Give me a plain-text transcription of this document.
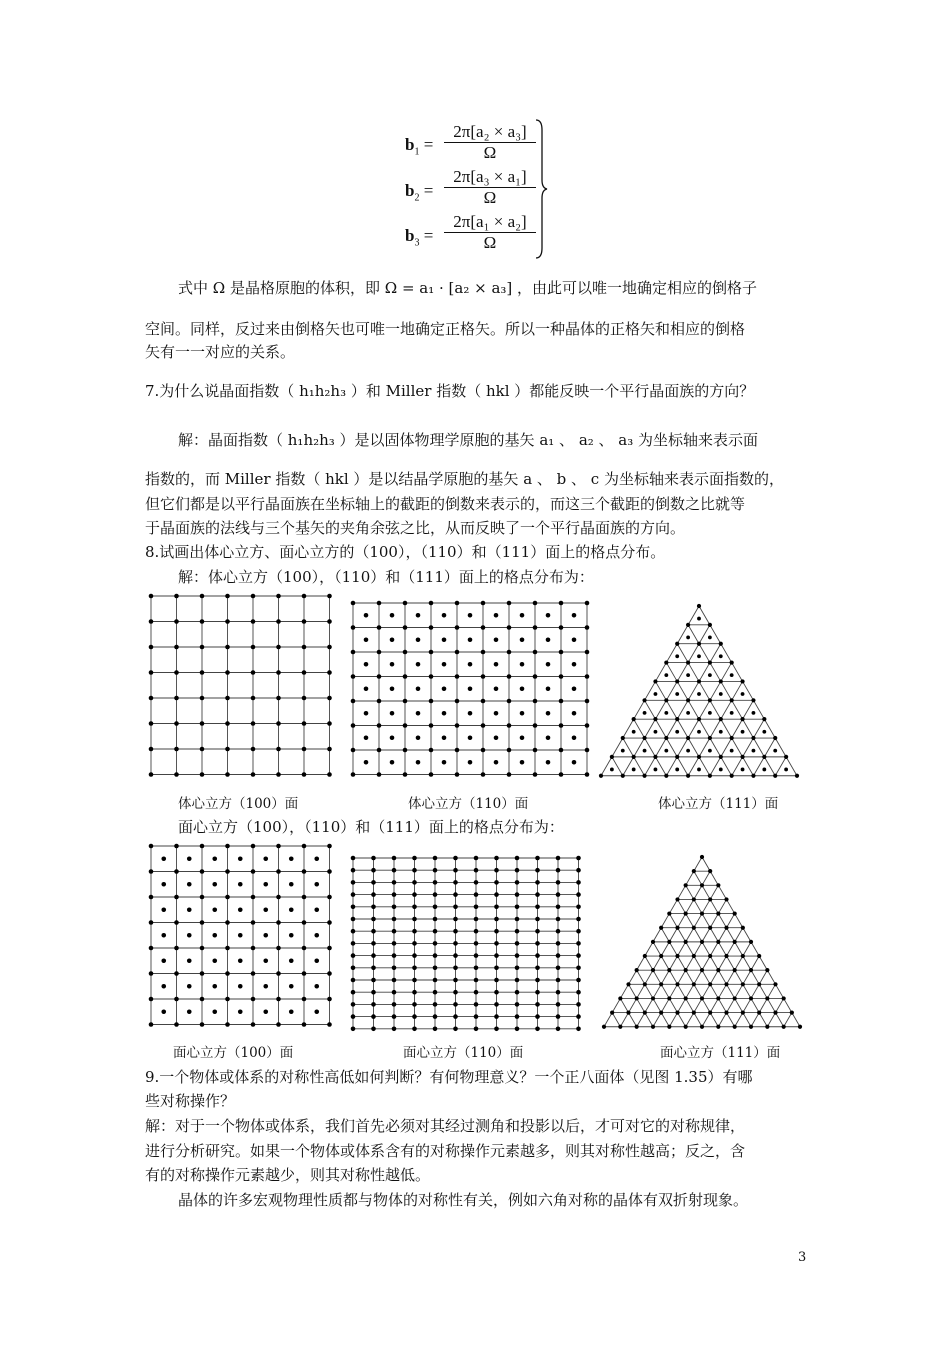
$b_1 = \frac{\text{2π[a₂ × a₃]}}{\Omega}$
$b_2 = \frac{\text{2π[a₃ × a₁]}}{\Omega}$
$b_3 = \frac{\text{2π[a₁ × a₂]}}{\Omega}$
式中 Ω 是晶格原胞的体积，即 Ω = a₁ · [a₂ × a₃] ，由此可以唯一地确定相应的倒格子
空间。同样，反过来由倒格矢也可唯一地确定正格矢。所以一种晶体的正格矢和相应的倒格
矢有一一对应的关系。
7.为什么说晶面指数（ h₁h₂h₃ ）和 Miller 指数（ hkl ）都能反映一个平行晶面族的方向？
解：晶面指数（ h₁h₂h₃ ）是以固体物理学原胞的基矢 a₁ 、 a₂ 、 a₃ 为坐标轴来表示面
指数的，而 Miller 指数（ hkl ）是以结晶学原胞的基矢 a 、 b 、 c 为坐标轴来表示面指数的，
但它们都是以平行晶面族在坐标轴上的截距的倒数来表示的，而这三个截距的倒数之比就等
于晶面族的法线与三个基矢的夹角余弦之比，从而反映了一个平行晶面族的方向。
8.试画出体心立方、面心立方的（100），（110）和（111）面上的格点分布。
解：体心立方（100），（110）和（111）面上的格点分布为：
体心立方（100）面	体心立方（110）面	体心立方（111）面
面心立方（100），（110）和（111）面上的格点分布为：
面心立方（100）面	面心立方（110）面	面心立方（111）面
9.一个物体或体系的对称性高低如何判断？有何物理意义？一个正八面体（见图 1.35）有哪
些对称操作？
解：对于一个物体或体系，我们首先必须对其经过测角和投影以后，才可对它的对称规律，
进行分析研究。如果一个物体或体系含有的对称操作元素越多，则其对称性越高；反之，含
有的对称操作元素越少，则其对称性越低。
晶体的许多宏观物理性质都与物体的对称性有关，例如六角对称的晶体有双折射现象。
3
